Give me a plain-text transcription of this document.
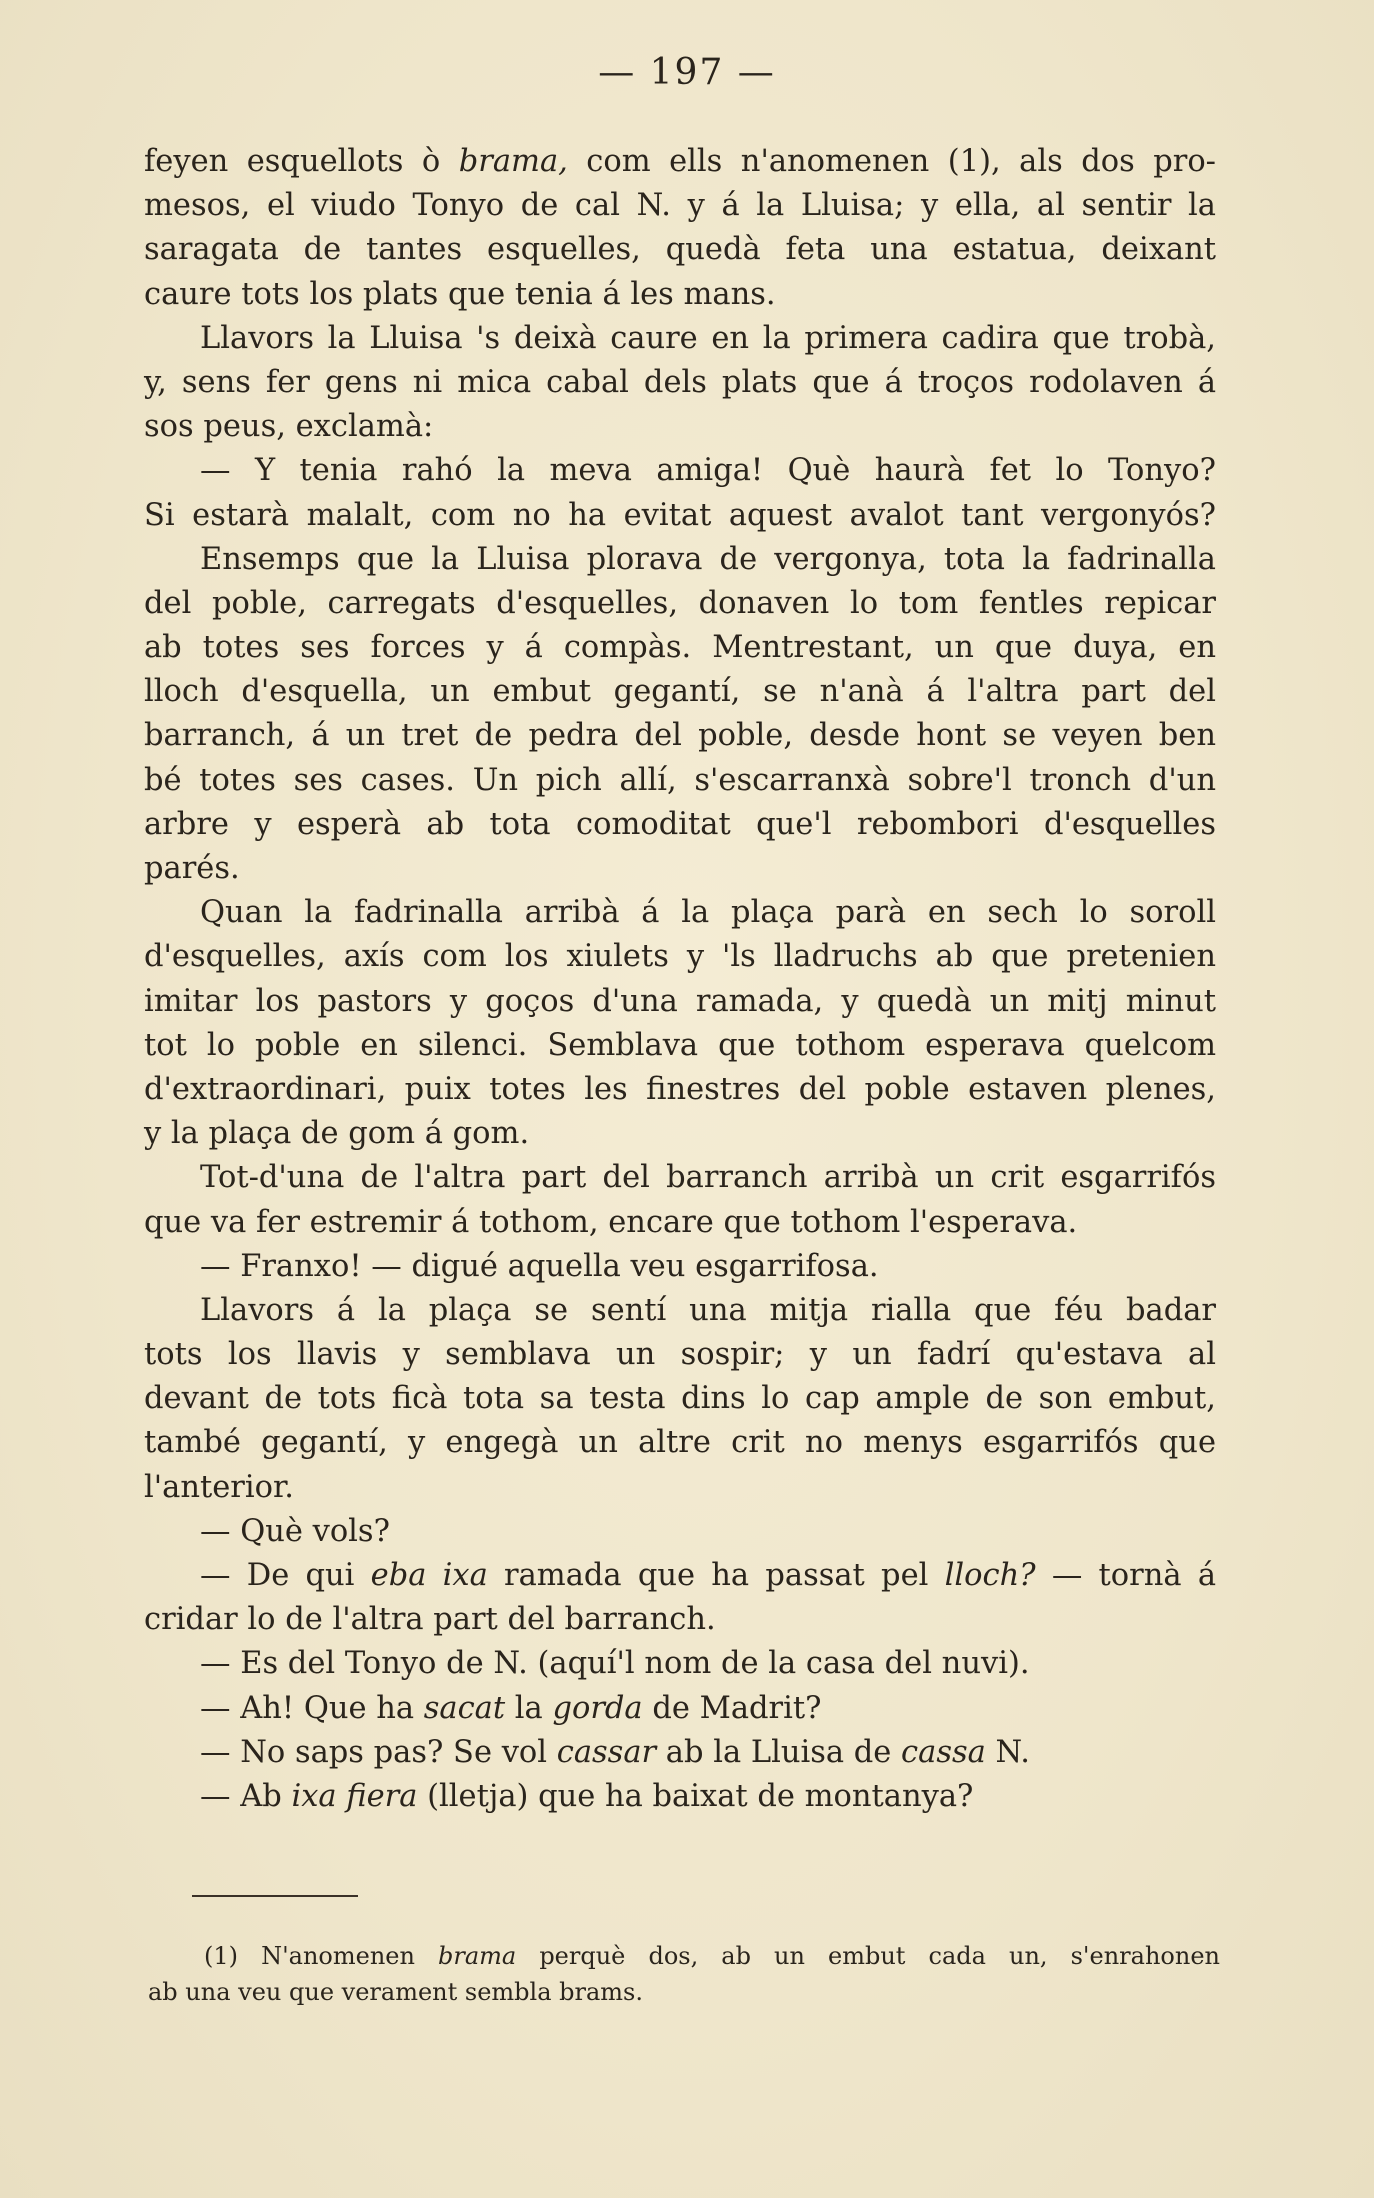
— 197 —
feyen esquellots ò brama, com ells n'anomenen (1), als dos pro-
mesos, el viudo Tonyo de cal N. y á la Lluisa; y ella, al sentir la
saragata de tantes esquelles, quedà feta una estatua, deixant
caure tots los plats que tenia á les mans.
Llavors la Lluisa 's deixà caure en la primera cadira que trobà,
y, sens fer gens ni mica cabal dels plats que á troços rodolaven á
sos peus, exclamà:
— Y tenia rahó la meva amiga! Què haurà fet lo Tonyo?
Si estarà malalt, com no ha evitat aquest avalot tant vergonyós?
Ensemps que la Lluisa plorava de vergonya, tota la fadrinalla
del poble, carregats d'esquelles, donaven lo tom fentles repicar
ab totes ses forces y á compàs. Mentrestant, un que duya, en
lloch d'esquella, un embut gegantí, se n'anà á l'altra part del
barranch, á un tret de pedra del poble, desde hont se veyen ben
bé totes ses cases. Un pich allí, s'escarranxà sobre'l tronch d'un
arbre y esperà ab tota comoditat que'l rebombori d'esquelles
parés.
Quan la fadrinalla arribà á la plaça parà en sech lo soroll
d'esquelles, axís com los xiulets y 'ls lladruchs ab que pretenien
imitar los pastors y goços d'una ramada, y quedà un mitj minut
tot lo poble en silenci. Semblava que tothom esperava quelcom
d'extraordinari, puix totes les finestres del poble estaven plenes,
y la plaça de gom á gom.
Tot-d'una de l'altra part del barranch arribà un crit esgarrifós
que va fer estremir á tothom, encare que tothom l'esperava.
— Franxo! — digué aquella veu esgarrifosa.
Llavors á la plaça se sentí una mitja rialla que féu badar
tots los llavis y semblava un sospir; y un fadrí qu'estava al
devant de tots ficà tota sa testa dins lo cap ample de son embut,
també gegantí, y engegà un altre crit no menys esgarrifós que
l'anterior.
— Què vols?
— De qui eba ixa ramada que ha passat pel lloch? — tornà á
cridar lo de l'altra part del barranch.
— Es del Tonyo de N. (aquí'l nom de la casa del nuvi).
— Ah! Que ha sacat la gorda de Madrit?
— No saps pas? Se vol cassar ab la Lluisa de cassa N.
— Ab ixa fiera (lletja) que ha baixat de montanya?
(1) N'anomenen brama perquè dos, ab un embut cada un, s'enrahonen
ab una veu que verament sembla brams.
